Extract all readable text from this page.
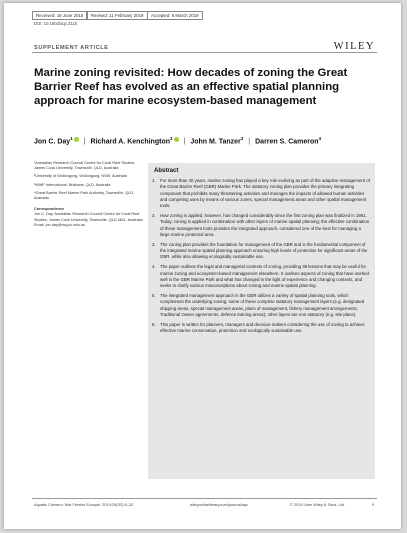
Received: 18 June 2018	Revised: 11 February 2019	Accepted: 6 March 2019
DOI: 10.1002/aqc.3115
SUPPLEMENT ARTICLE	WILEY
Marine zoning revisited: How decades of zoning the Great Barrier Reef has evolved as an effective spatial planning approach for marine ecosystem-based management
Jon C. Day$^1$ | Richard A. Kenchington$^2$ | John M. Tanzer$^3$ | Darren S. Cameron$^4$

¹Australian Research Council Centre for Coral Reef Studies, James Cook University, Townsville, QLD, Australia

²University of Wollongong, Wollongong, NSW, Australia

³WWF International, Brisbane, QLD, Australia

⁴Great Barrier Reef Marine Park Authority, Townsville, QLD, Australia

Correspondence
Jon C. Day, Australian Research Council Centre for Coral Reef Studies, James Cook University, Townsville, QLD 4811, Australia. Email: jon.day@my.jcu.edu.au

Abstract
1.	For more than 40 years, marine zoning has played a key role evolving as part of the adaptive management of the Great Barrier Reef (GBR) Marine Park. The statutory zoning plan provides the primary integrating component that prohibits many threatening activities and manages the impacts of allowed human activities and competing uses by means of various zones, special management areas and other spatial management tools.
2.	How zoning is applied, however, has changed considerably since the first zoning plan was finalized in 1981. Today, zoning is applied in combination with other layers of marine spatial planning; the effective combination of these management tools provides the integrated approach, considered one of the best for managing a large marine protected area.
3.	The zoning plan provides the foundation for management of the GBR and is the fundamental component of the integrated marine spatial planning approach ensuring high levels of protection for significant areas of the GBR, while also allowing ecologically sustainable use.
4.	The paper outlines the legal and managerial contexts of zoning, providing 38 lessons that may be useful for marine zoning and ecosystem-based management elsewhere. It outlines aspects of zoning that have worked well in the GBR Marine Park and what has changed in the light of experience and changing contexts, and seeks to clarify various misconceptions about zoning and marine spatial planning.
5.	The integrated management approach in the GBR utilizes a variety of spatial planning tools, which complement the underlying zoning; some of these comprise statutory management layers (e.g. designated shipping areas, special management areas, plans of management, fishery management arrangements, Traditional Owner agreements, defence training areas); other layers are non-statutory (e.g. site plans).
6.	This paper is written for planners, managers and decision-makers considering the use of zoning to achieve effective marine conservation, protection and ecologically sustainable use.
Aquatic Conserv: Mar Freshw Ecosyst. 2019;29(S2):9–32.	wileyonlinelibrary.com/journal/aqc	© 2019 John Wiley & Sons, Ltd.	9
